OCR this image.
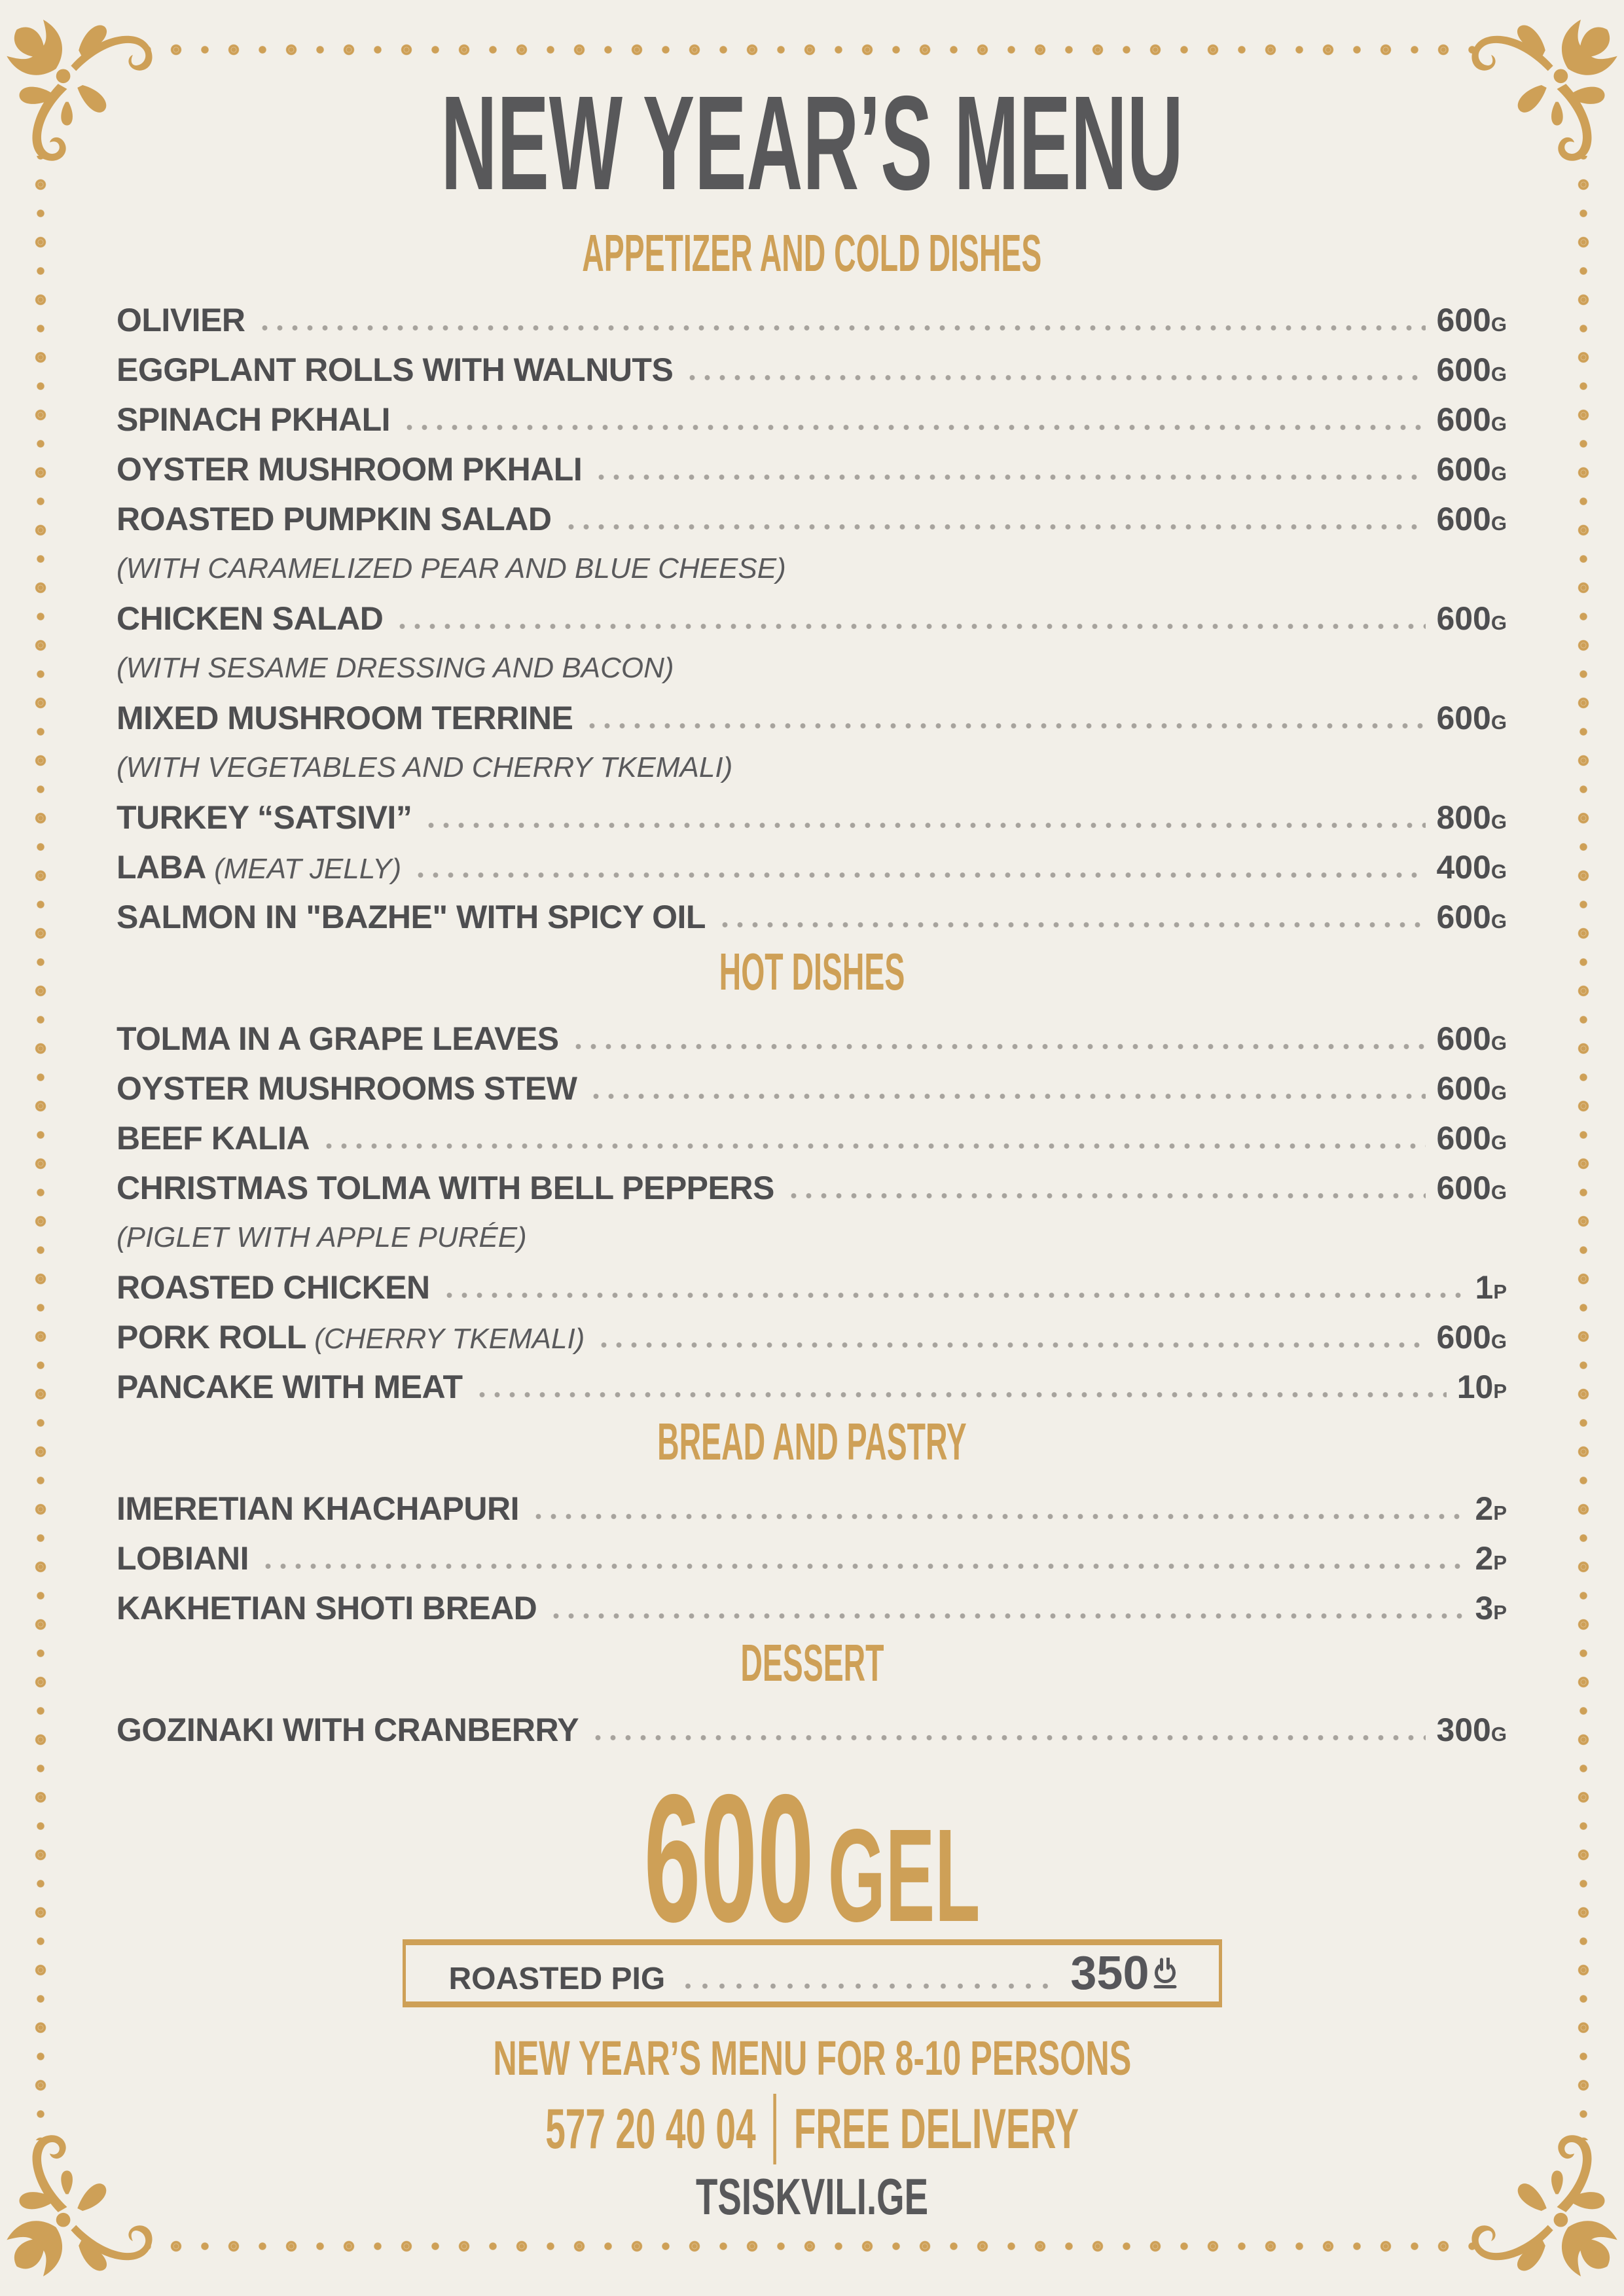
NEW YEAR’S MENU
APPETIZER AND COLD DISHES
OLIVIER	600G
EGGPLANT ROLLS WITH WALNUTS	600G
SPINACH PKHALI	600G
OYSTER MUSHROOM PKHALI	600G
ROASTED PUMPKIN SALAD	600G
(WITH CARAMELIZED PEAR AND BLUE CHEESE)
CHICKEN SALAD	600G
(WITH SESAME DRESSING AND BACON)
MIXED MUSHROOM TERRINE	600G
(WITH VEGETABLES AND CHERRY TKEMALI)
TURKEY “SATSIVI”	800G
LABA (MEAT JELLY)	400G
SALMON IN "BAZHE" WITH SPICY OIL	600G
HOT DISHES
TOLMA IN A GRAPE LEAVES	600G
OYSTER MUSHROOMS STEW	600G
BEEF KALIA	600G
CHRISTMAS TOLMA WITH BELL PEPPERS	600G
(PIGLET WITH APPLE PURÉE)
ROASTED CHICKEN	1P
PORK ROLL (CHERRY TKEMALI)	600G
PANCAKE WITH MEAT	10P
BREAD AND PASTRY
IMERETIAN KHACHAPURI	2P
LOBIANI	2P
KAKHETIAN SHOTI BREAD	3P
DESSERT
GOZINAKI WITH CRANBERRY	300G
600 GEL
ROASTED PIG	350
NEW YEAR’S MENU FOR 8-10 PERSONS
577 20 40 04 FREE DELIVERY
TSISKVILI.GE
